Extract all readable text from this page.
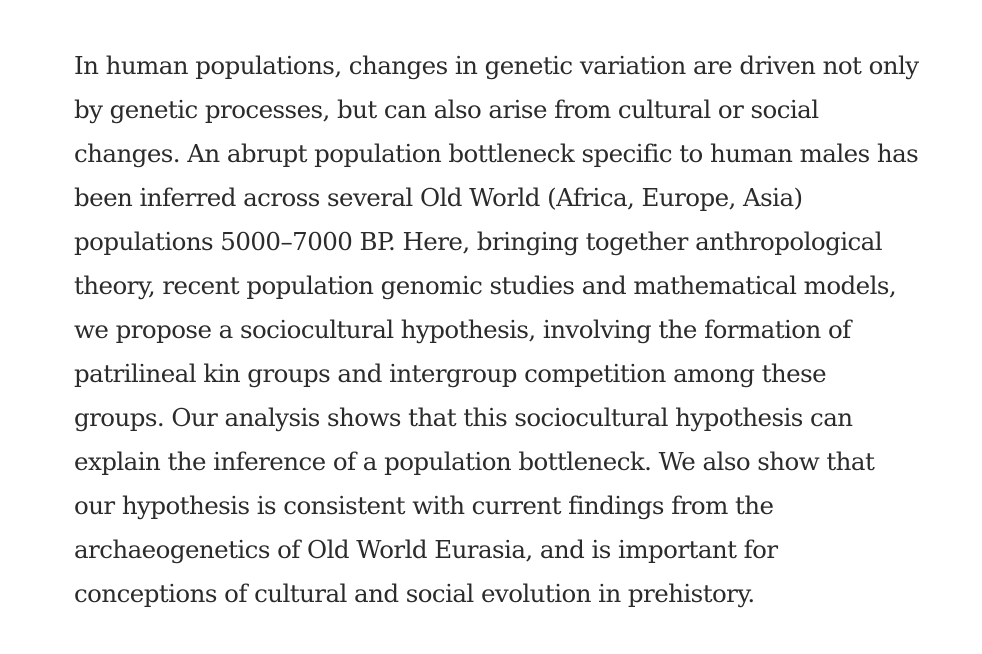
In human populations, changes in genetic variation are driven not only
by genetic processes, but can also arise from cultural or social
changes. An abrupt population bottleneck specific to human males has
been inferred across several Old World (Africa, Europe, Asia)
populations 5000–7000 BP. Here, bringing together anthropological
theory, recent population genomic studies and mathematical models,
we propose a sociocultural hypothesis, involving the formation of
patrilineal kin groups and intergroup competition among these
groups. Our analysis shows that this sociocultural hypothesis can
explain the inference of a population bottleneck. We also show that
our hypothesis is consistent with current findings from the
archaeogenetics of Old World Eurasia, and is important for
conceptions of cultural and social evolution in prehistory.
